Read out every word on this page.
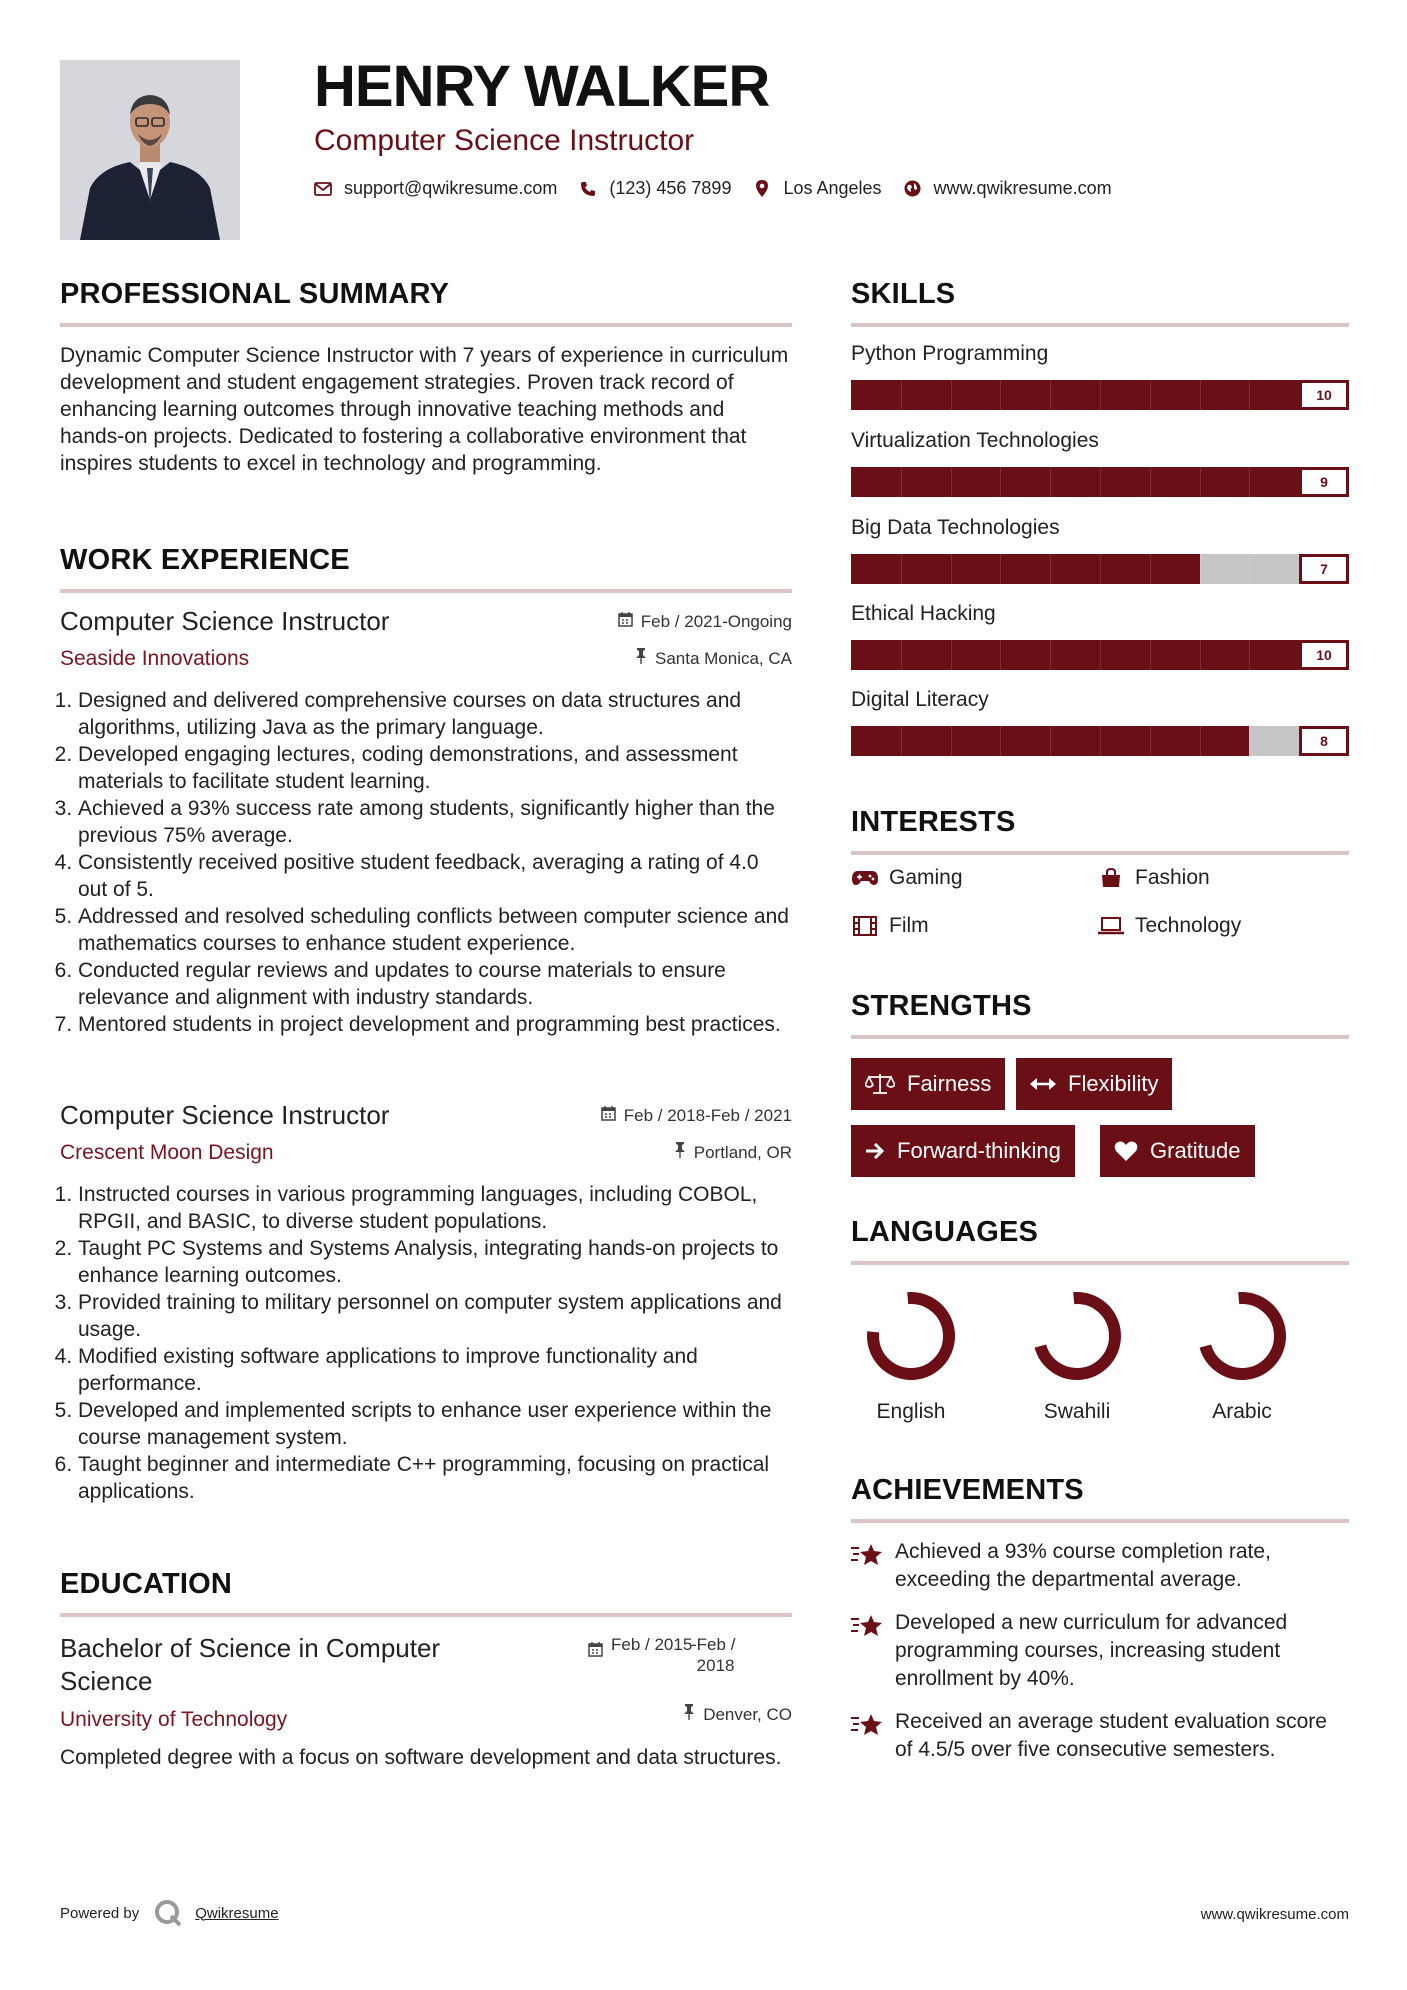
HENRY WALKER
Computer Science Instructor
support@qwikresume.com	(123) 456 7899	Los Angeles	www.qwikresume.com
PROFESSIONAL SUMMARY
Dynamic Computer Science Instructor with 7 years of experience in curriculum development and student engagement strategies. Proven track record of enhancing learning outcomes through innovative teaching methods and hands-on projects. Dedicated to fostering a collaborative environment that inspires students to excel in technology and programming.
WORK EXPERIENCE
Computer Science Instructor	Feb / 2021-Ongoing
Seaside Innovations	Santa Monica, CA
1. Designed and delivered comprehensive courses on data structures and algorithms, utilizing Java as the primary language.
2. Developed engaging lectures, coding demonstrations, and assessment materials to facilitate student learning.
3. Achieved a 93% success rate among students, significantly higher than the previous 75% average.
4. Consistently received positive student feedback, averaging a rating of 4.0 out of 5.
5. Addressed and resolved scheduling conflicts between computer science and mathematics courses to enhance student experience.
6. Conducted regular reviews and updates to course materials to ensure relevance and alignment with industry standards.
7. Mentored students in project development and programming best practices.
Computer Science Instructor	Feb / 2018-Feb / 2021
Crescent Moon Design	Portland, OR
1. Instructed courses in various programming languages, including COBOL, RPGII, and BASIC, to diverse student populations.
2. Taught PC Systems and Systems Analysis, integrating hands-on projects to enhance learning outcomes.
3. Provided training to military personnel on computer system applications and usage.
4. Modified existing software applications to improve functionality and performance.
5. Developed and implemented scripts to enhance user experience within the course management system.
6. Taught beginner and intermediate C++ programming, focusing on practical applications.
EDUCATION
Bachelor of Science in Computer Science
Feb / 2015
- Feb / 2018
University of Technology	Denver, CO
Completed degree with a focus on software development and data structures.
SKILLS
Python Programming
10
Virtualization Technologies
9
Big Data Technologies
7
Ethical Hacking
10
Digital Literacy
8
INTERESTS
Gaming	Fashion
Film	Technology
STRENGTHS
Fairness	Flexibility
Forward-thinking	Gratitude
LANGUAGES
English	Swahili	Arabic
ACHIEVEMENTS
Achieved a 93% course completion rate, exceeding the departmental average.
Developed a new curriculum for advanced programming courses, increasing student enrollment by 40%.
Received an average student evaluation score of 4.5/5 over five consecutive semesters.
Powered by	Qwikresume	www.qwikresume.com
